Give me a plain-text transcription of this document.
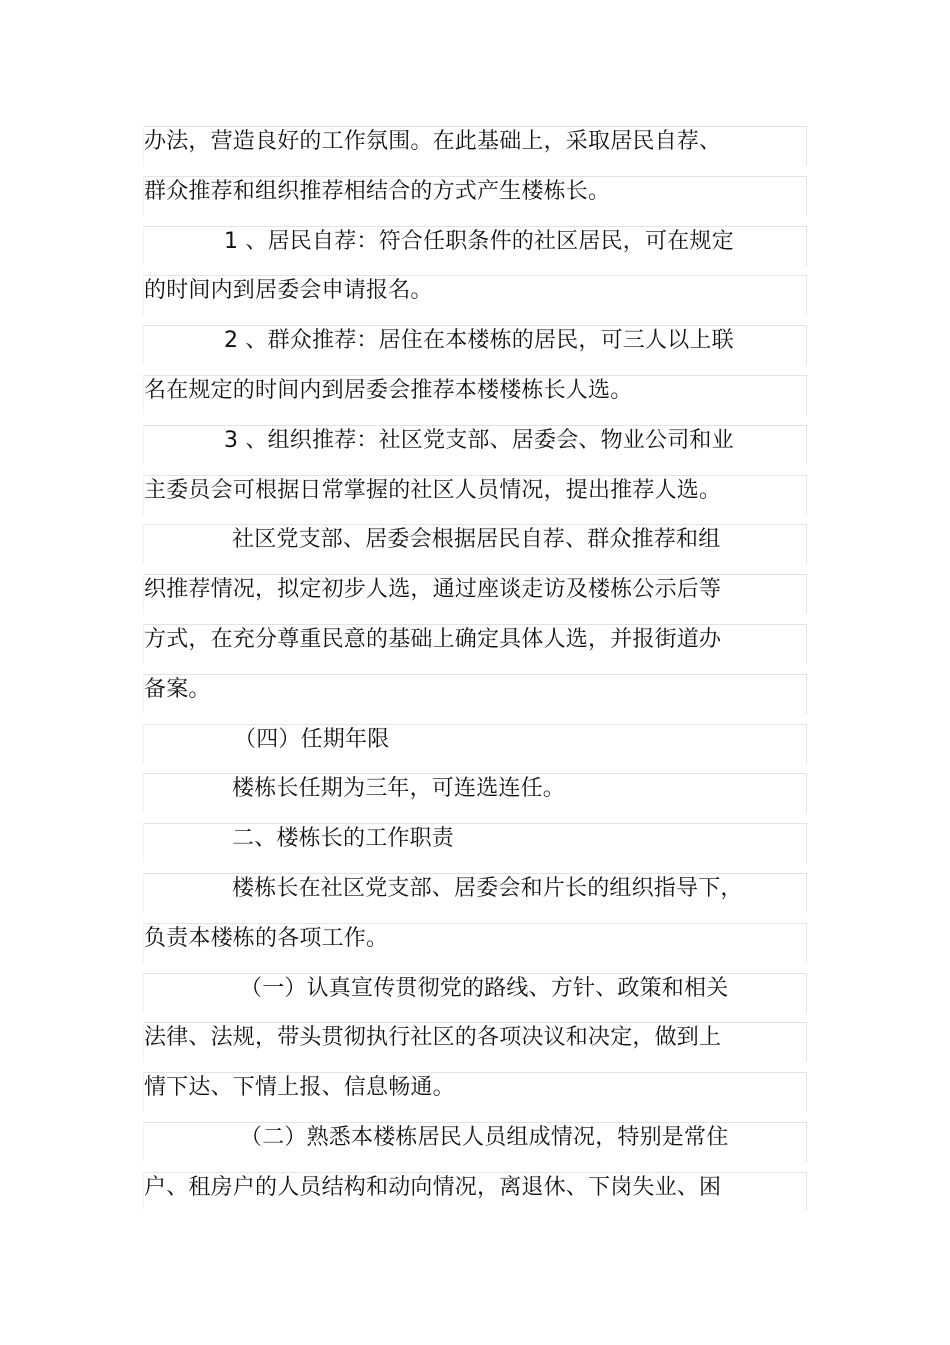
办法，营造良好的工作氛围。在此基础上，采取居民自荐、
群众推荐和组织推荐相结合的方式产生楼栋长。
1 、居民自荐：符合任职条件的社区居民，可在规定
的时间内到居委会申请报名。
2 、群众推荐：居住在本楼栋的居民，可三人以上联
名在规定的时间内到居委会推荐本楼楼栋长人选。
3 、组织推荐：社区党支部、居委会、物业公司和业
主委员会可根据日常掌握的社区人员情况，提出推荐人选。
社区党支部、居委会根据居民自荐、群众推荐和组
织推荐情况，拟定初步人选，通过座谈走访及楼栋公示后等
方式，在充分尊重民意的基础上确定具体人选，并报街道办
备案。
（四）任期年限
楼栋长任期为三年，可连选连任。
二、楼栋长的工作职责
楼栋长在社区党支部、居委会和片长的组织指导下，
负责本楼栋的各项工作。
（一）认真宣传贯彻党的路线、方针、政策和相关
法律、法规，带头贯彻执行社区的各项决议和决定，做到上
情下达、下情上报、信息畅通。
（二）熟悉本楼栋居民人员组成情况，特别是常住
户、租房户的人员结构和动向情况，离退休、下岗失业、困
